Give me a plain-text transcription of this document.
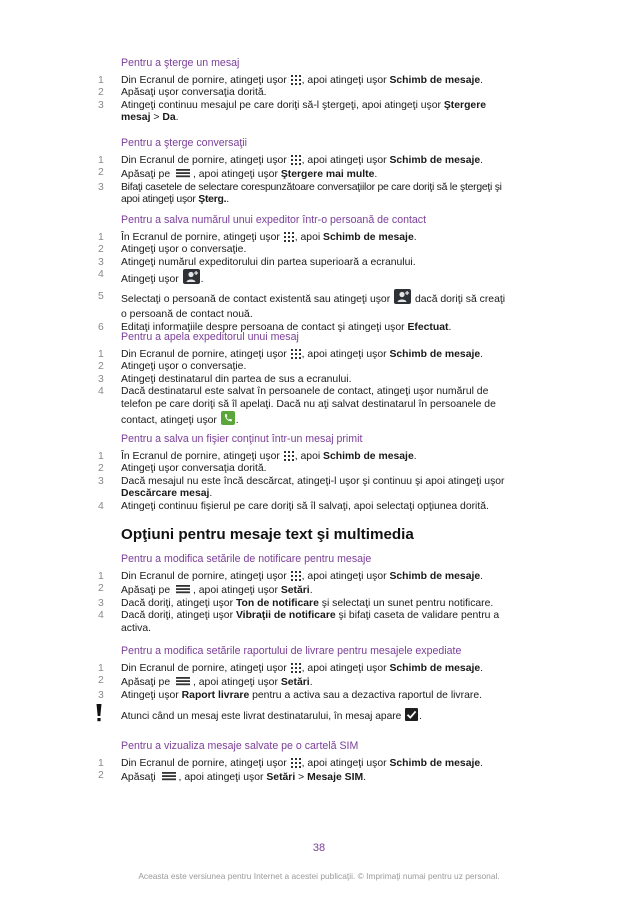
Pentru a şterge un mesaj
1	Din Ecranul de pornire, atingeţi uşor , apoi atingeţi uşor Schimb de mesaje.
2	Apăsaţi uşor conversaţia dorită.
3	Atingeţi continuu mesajul pe care doriţi să-l ştergeţi, apoi atingeţi uşor Ştergere mesaj > Da.
Pentru a şterge conversaţii
1	Din Ecranul de pornire, atingeţi uşor , apoi atingeţi uşor Schimb de mesaje.
2	Apăsaţi pe , apoi atingeţi uşor Ştergere mai multe.
3	Bifaţi casetele de selectare corespunzătoare conversaţiilor pe care doriţi să le ştergeţi şi apoi atingeţi uşor Şterg..
Pentru a salva numărul unui expeditor într-o persoană de contact
1	În Ecranul de pornire, atingeţi uşor , apoi Schimb de mesaje.
2	Atingeţi uşor o conversaţie.
3	Atingeţi numărul expeditorului din partea superioară a ecranului.
4	Atingeţi uşor .
5	Selectaţi o persoană de contact existentă sau atingeţi uşor  dacă doriţi să creaţi o persoană de contact nouă.
6	Editaţi informaţiile despre persoana de contact şi atingeţi uşor Efectuat.
Pentru a apela expeditorul unui mesaj
1	Din Ecranul de pornire, atingeţi uşor , apoi atingeţi uşor Schimb de mesaje.
2	Atingeţi uşor o conversaţie.
3	Atingeţi destinatarul din partea de sus a ecranului.
4	Dacă destinatarul este salvat în persoanele de contact, atingeţi uşor numărul de telefon pe care doriţi să îl apelaţi. Dacă nu aţi salvat destinatarul în persoanele de contact, atingeţi uşor .
Pentru a salva un fişier conţinut într-un mesaj primit
1	În Ecranul de pornire, atingeţi uşor , apoi Schimb de mesaje.
2	Atingeţi uşor conversaţia dorită.
3	Dacă mesajul nu este încă descărcat, atingeţi-l uşor şi continuu şi apoi atingeţi uşor Descărcare mesaj.
4	Atingeţi continuu fişierul pe care doriţi să îl salvaţi, apoi selectaţi opţiunea dorită.
Opţiuni pentru mesaje text şi multimedia
Pentru a modifica setările de notificare pentru mesaje
1	Din Ecranul de pornire, atingeţi uşor , apoi atingeţi uşor Schimb de mesaje.
2	Apăsaţi pe , apoi atingeţi uşor Setări.
3	Dacă doriţi, atingeţi uşor Ton de notificare şi selectaţi un sunet pentru notificare.
4	Dacă doriţi, atingeţi uşor Vibraţii de notificare şi bifaţi caseta de validare pentru a activa.
Pentru a modifica setările raportului de livrare pentru mesajele expediate
1	Din Ecranul de pornire, atingeţi uşor , apoi atingeţi uşor Schimb de mesaje.
2	Apăsaţi pe , apoi atingeţi uşor Setări.
3	Atingeţi uşor Raport livrare pentru a activa sau a dezactiva raportul de livrare.
Atunci când un mesaj este livrat destinatarului, în mesaj apare .
Pentru a vizualiza mesaje salvate pe o cartelă SIM
1	Din Ecranul de pornire, atingeţi uşor , apoi atingeţi uşor Schimb de mesaje.
2	Apăsaţi , apoi atingeţi uşor Setări > Mesaje SIM.
38
Aceasta este versiunea pentru Internet a acestei publicaţii. © Imprimaţi numai pentru uz personal.
